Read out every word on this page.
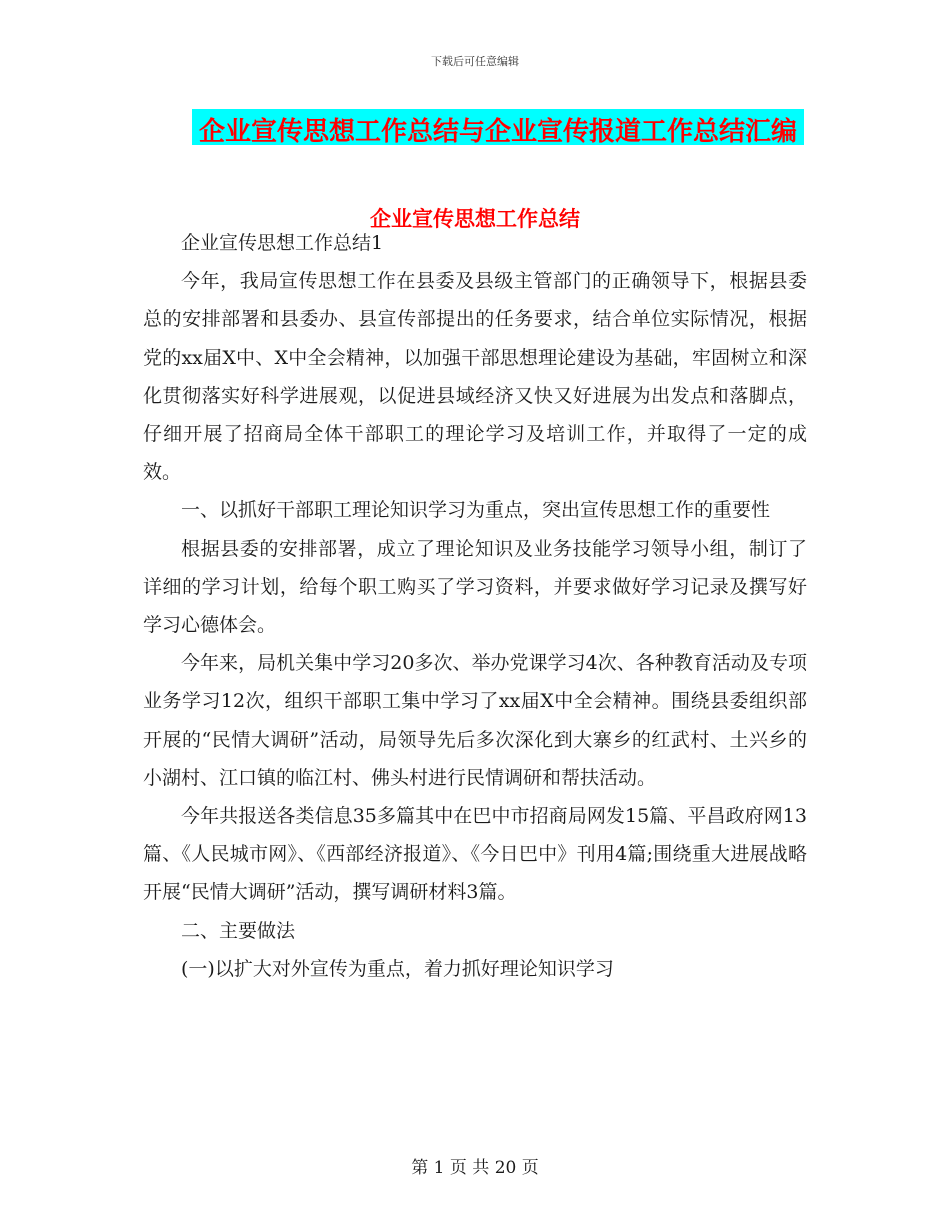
下载后可任意编辑
企业宣传思想工作总结与企业宣传报道工作总结汇编
企业宣传思想工作总结

企业宣传思想工作总结1

今年，我局宣传思想工作在县委及县级主管部门的正确领导下，根据县委总的安排部署和县委办、县宣传部提出的任务要求，结合单位实际情况，根据党的xx届X中、X中全会精神，以加强干部思想理论建设为基础，牢固树立和深化贯彻落实好科学进展观，以促进县域经济又快又好进展为出发点和落脚点，仔细开展了招商局全体干部职工的理论学习及培训工作，并取得了一定的成效。

一、以抓好干部职工理论知识学习为重点，突出宣传思想工作的重要性

根据县委的安排部署，成立了理论知识及业务技能学习领导小组，制订了详细的学习计划，给每个职工购买了学习资料，并要求做好学习记录及撰写好学习心德体会。

今年来，局机关集中学习20多次、举办党课学习4次、各种教育活动及专项业务学习12次，组织干部职工集中学习了xx届X中全会精神。围绕县委组织部开展的“民情大调研”活动，局领导先后多次深化到大寨乡的红武村、土兴乡的小湖村、江口镇的临江村、佛头村进行民情调研和帮扶活动。

今年共报送各类信息35多篇其中在巴中市招商局网发15篇、平昌政府网13篇、《人民城市网》、《西部经济报道》、《今日巴中》刊用4篇;围绕重大进展战略开展“民情大调研”活动，撰写调研材料3篇。

二、主要做法

(一)以扩大对外宣传为重点，着力抓好理论知识学习

第 1 页 共 20 页
